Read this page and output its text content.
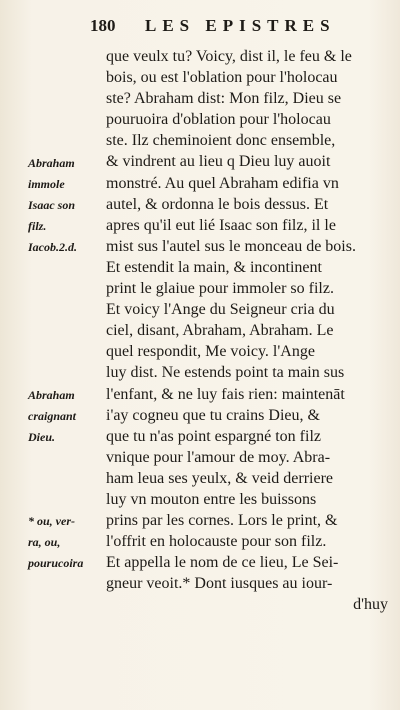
180 LES EPISTRES
que veulx tu? Voicy, dist il, le feu & le
bois, ou est l'oblation pour l'holocau
ste? Abraham dist: Mon filz, Dieu se
pouruoira d'oblation pour l'holocau
ste. Ilz cheminoient donc ensemble,
& vindrent au lieu q Dieu luy auoit
monstré. Au quel Abraham edifia vn
autel, & ordonna le bois dessus. Et
apres qu'il eut lié Isaac son filz, il le
mist sus l'autel sus le monceau de bois.
Et estendit la main, & incontinent
print le glaiue pour immoler so filz.
Et voicy l'Ange du Seigneur cria du
ciel, disant, Abraham, Abraham. Le
quel respondit, Me voicy. l'Ange
luy dist. Ne estends point ta main sus
l'enfant, & ne luy fais rien: maintenāt
i'ay cogneu que tu crains Dieu, &
que tu n'as point espargné ton filz
vnique pour l'amour de moy. Abra-
ham leua ses yeulx, & veid derriere
luy vn mouton entre les buissons
prins par les cornes. Lors le print, &
l'offrit en holocauste pour son filz.
Et appella le nom de ce lieu, Le Sei-
gneur veoit.* Dont iusques au iour-
d'huy
Abraham
immole
Isaac son
filz.
Iacob.2.d.
Abraham
craignant
Dieu.
* ou, ver-
ra, ou,
pourucoira
